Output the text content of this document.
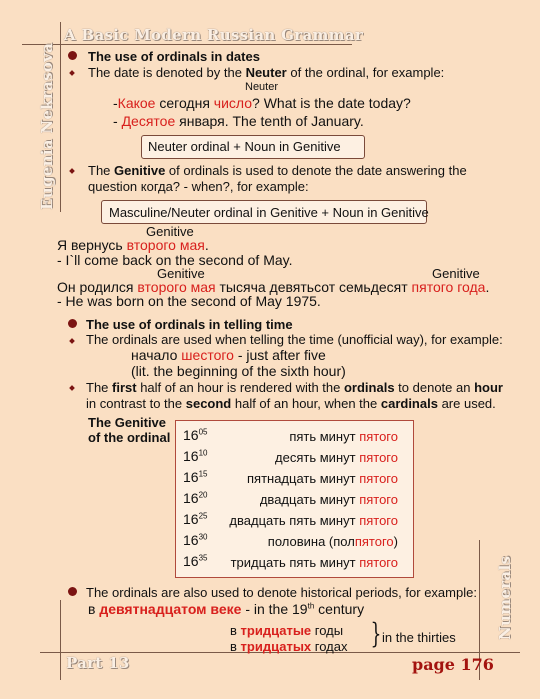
A Basic Modern Russian Grammar
Eugenia Nekrasova
Numerals
Part 13	page 176
The use of ordinals in dates
The date is denoted by the Neuter of the ordinal, for example:
Neuter
-Какое сегодня число? What is the date today?
- Десятое января. The tenth of January.
Neuter ordinal + Noun in Genitive
The Genitive of ordinals is used to denote the date answering the
question когда? - when?, for example:
Masculine/Neuter ordinal in Genitive + Noun in Genitive
Genitive
Я вернусь второго мая.
- I`ll come back on the second of May.
Genitive	Genitive
Он родился второго мая тысяча девятьсот семьдесят пятого года.
- He was born on the second of May 1975.
The use of ordinals in telling time
The ordinals are used when telling the time (unofficial way), for example:
начало шестого - just after five
(lit. the beginning of the sixth hour)
The first half of an hour is rendered with the ordinals to denote an hour
in contrast to the second half of an hour, when the cardinals are used.
The Genitive
of the ordinal $16^{05}$	пять минут пятого
$16^{10}$	десять минут пятого
$16^{15}$	пятнадцать минут пятого
$16^{20}$	двадцать минут пятого
$16^{25}$ двадцать пять минут пятого
$16^{30}$	половина (полпятого)
$16^{35}$ тридцать пять минут пятого
The ordinals are also used to denote historical periods, for example:
в девятнадцатом веке - in the 19th century
в тридцатые годы
в тридцатых годах } in the thirties
